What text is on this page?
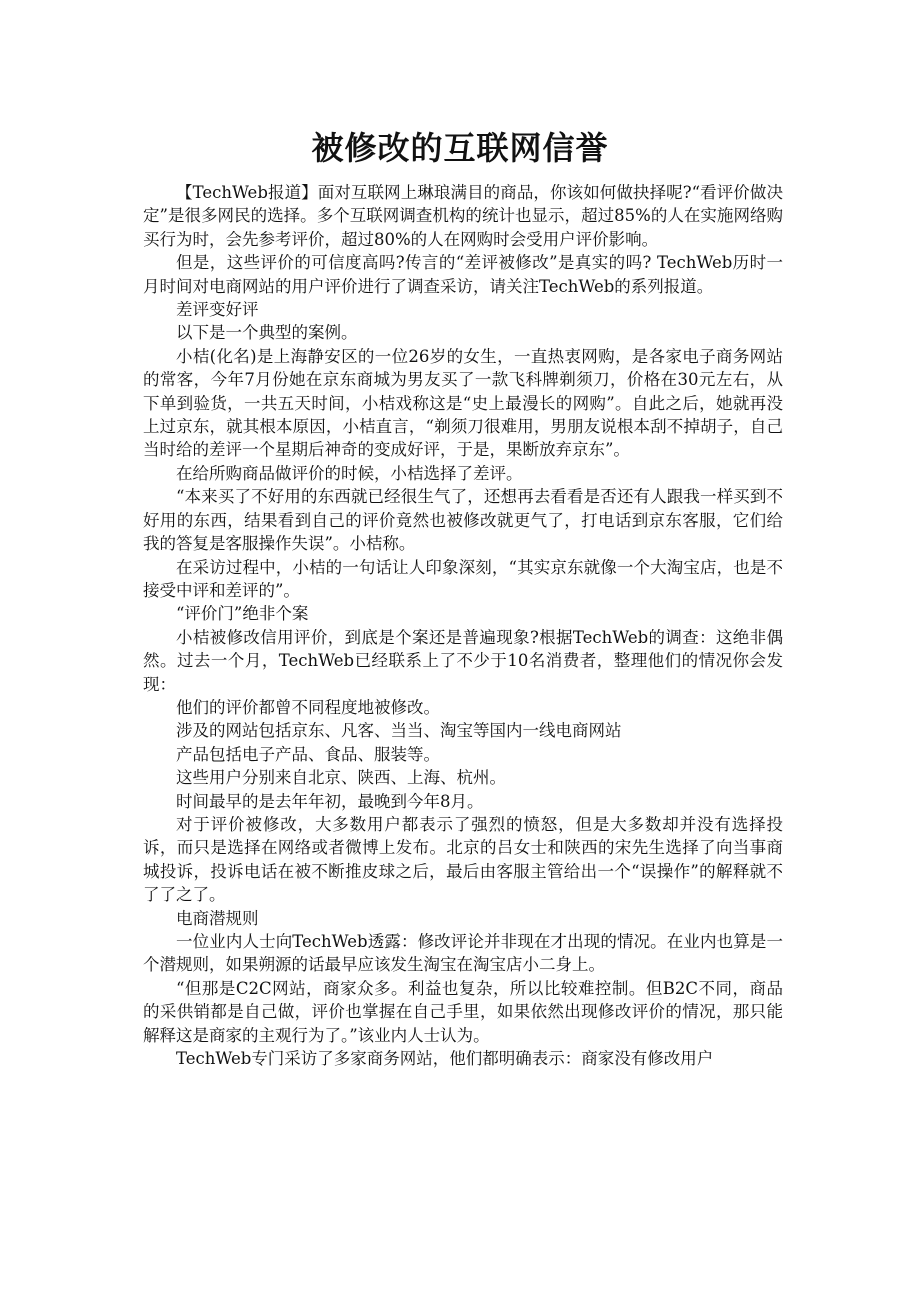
被修改的互联网信誉

【TechWeb报道】面对互联网上琳琅满目的商品，你该如何做抉择呢?“看评价做决定”是很多网民的选择。多个互联网调查机构的统计也显示，超过85%的人在实施网络购买行为时，会先参考评价，超过80%的人在网购时会受用户评价影响。

但是，这些评价的可信度高吗?传言的“差评被修改”是真实的吗? TechWeb历时一月时间对电商网站的用户评价进行了调查采访，请关注TechWeb的系列报道。

差评变好评

以下是一个典型的案例。

小桔(化名)是上海静安区的一位26岁的女生，一直热衷网购，是各家电子商务网站的常客，今年7月份她在京东商城为男友买了一款飞科牌剃须刀，价格在30元左右，从下单到验货，一共五天时间，小桔戏称这是“史上最漫长的网购”。自此之后，她就再没上过京东，就其根本原因，小桔直言，“剃须刀很难用，男朋友说根本刮不掉胡子，自己当时给的差评一个星期后神奇的变成好评，于是，果断放弃京东”。

在给所购商品做评价的时候，小桔选择了差评。

“本来买了不好用的东西就已经很生气了，还想再去看看是否还有人跟我一样买到不好用的东西，结果看到自己的评价竟然也被修改就更气了，打电话到京东客服，它们给我的答复是客服操作失误”。小桔称。

在采访过程中，小桔的一句话让人印象深刻，“其实京东就像一个大淘宝店，也是不接受中评和差评的”。

“评价门”绝非个案

小桔被修改信用评价，到底是个案还是普遍现象?根据TechWeb的调查：这绝非偶然。过去一个月，TechWeb已经联系上了不少于10名消费者，整理他们的情况你会发现：

他们的评价都曾不同程度地被修改。

涉及的网站包括京东、凡客、当当、淘宝等国内一线电商网站

产品包括电子产品、食品、服装等。

这些用户分别来自北京、陕西、上海、杭州。

时间最早的是去年年初，最晚到今年8月。

对于评价被修改，大多数用户都表示了强烈的愤怒，但是大多数却并没有选择投诉，而只是选择在网络或者微博上发布。北京的吕女士和陕西的宋先生选择了向当事商城投诉，投诉电话在被不断推皮球之后，最后由客服主管给出一个“误操作”的解释就不了了之了。

电商潜规则

一位业内人士向TechWeb透露：修改评论并非现在才出现的情况。在业内也算是一个潜规则，如果朔源的话最早应该发生淘宝在淘宝店小二身上。

“但那是C2C网站，商家众多。利益也复杂，所以比较难控制。但B2C不同，商品的采供销都是自己做，评价也掌握在自己手里，如果依然出现修改评价的情况，那只能解释这是商家的主观行为了。”该业内人士认为。

TechWeb专门采访了多家商务网站，他们都明确表示：商家没有修改用户
